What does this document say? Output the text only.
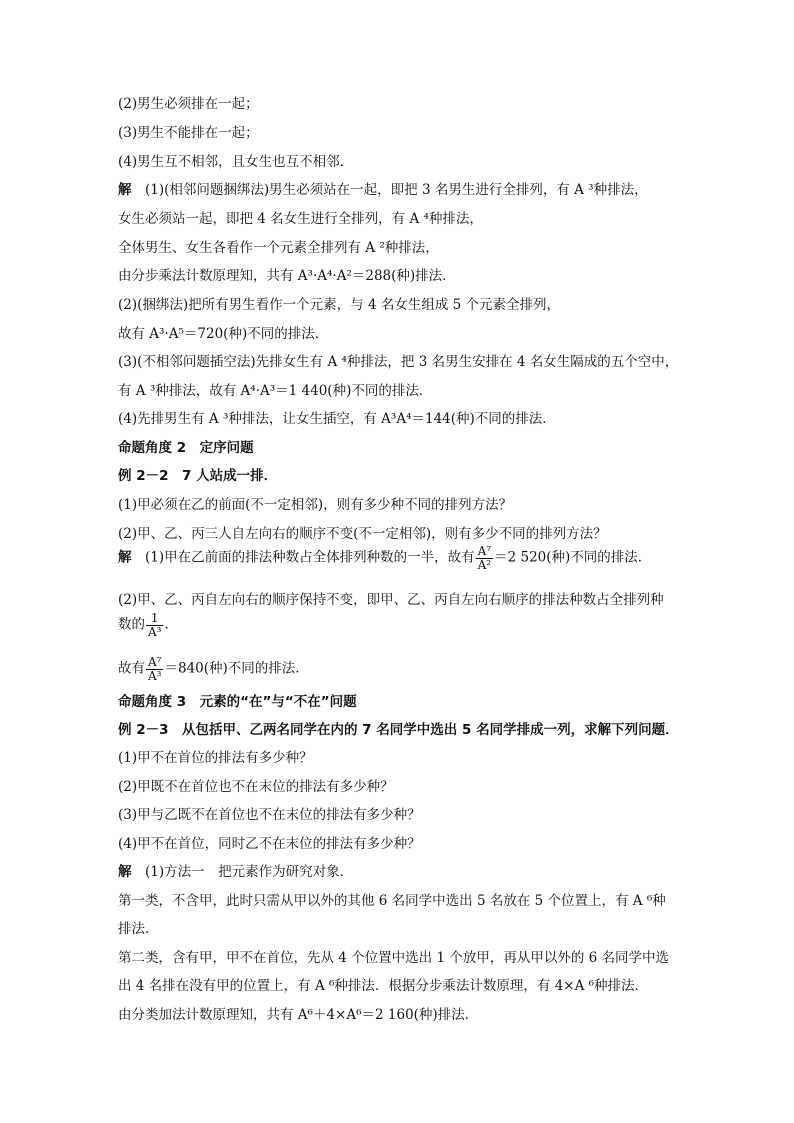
(2)男生必须排在一起；
(3)男生不能排在一起；
(4)男生互不相邻，且女生也互不相邻．
解　 (1)(相邻问题捆绑法)男生必须站在一起，即把 3 名男生进行全排列，有 A ³种排法，
女生必须站一起，即把 4 名女生进行全排列，有 A ⁴种排法，
全体男生、女生各看作一个元素全排列有 A ²种排法，
由分步乘法计数原理知，共有 A³·A⁴·A²＝288(种)排法．
(2)(捆绑法)把所有男生看作一个元素，与 4 名女生组成 5 个元素全排列，
故有 A³·A⁵＝720(种)不同的排法．
(3)(不相邻问题插空法)先排女生有 A ⁴种排法，把 3 名男生安排在 4 名女生隔成的五个空中，
有 A ³种排法，故有 A⁴·A³＝1 440(种)不同的排法．
(4)先排男生有 A ³种排法，让女生插空，有 A³A⁴＝144(种)不同的排法．
命题角度 2　定序问题
例 2－2　7 人站成一排．
(1)甲必须在乙的前面(不一定相邻)，则有多少种不同的排列方法？
(2)甲、乙、丙三人自左向右的顺序不变(不一定相邻)，则有多少不同的排列方法？
解　 (1)甲在乙前面的排法种数占全体排列种数的一半，故有 $\frac{\text{A⁷}}{\text{A²}} =2$ 520(种)不同的排法．
(2)甲、乙、丙自左向右的顺序保持不变，即甲、乙、丙自左向右顺序的排法种数占全排列种
数的 $\frac{1}{\text{A³}}$ .
故有 $\frac{\text{A⁷}}{\text{A³}} =840$(种)不同的排法．
命题角度 3　元素的“在”与“不在”问题
例 2－3　从包括甲、乙两名同学在内的 7 名同学中选出 5 名同学排成一列，求解下列问题．
(1)甲不在首位的排法有多少种？
(2)甲既不在首位也不在末位的排法有多少种？
(3)甲与乙既不在首位也不在末位的排法有多少种？
(4)甲不在首位，同时乙不在末位的排法有多少种？
解　 (1)方法一　把元素作为研究对象．
第一类，不含甲，此时只需从甲以外的其他 6 名同学中选出 5 名放在 5 个位置上，有 A ⁶种
排法．
第二类，含有甲，甲不在首位，先从 4 个位置中选出 1 个放甲，再从甲以外的 6 名同学中选
出 4 名排在没有甲的位置上，有 A ⁶种排法．根据分步乘法计数原理，有 4×A ⁶种排法．
由分类加法计数原理知，共有 A⁶＋4×A⁶＝2 160(种)排法．
